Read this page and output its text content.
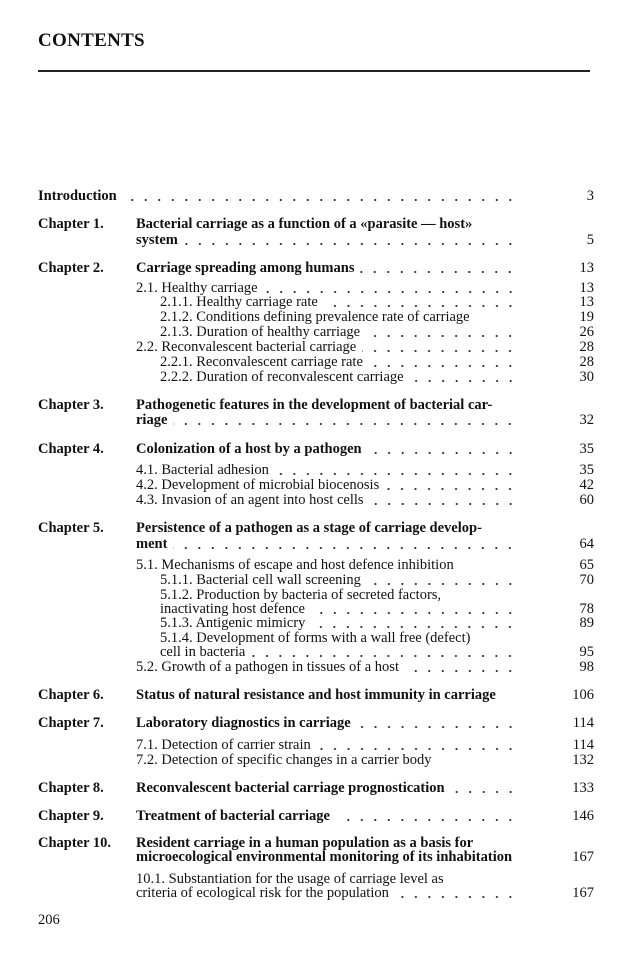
CONTENTS
Introduction	3
Chapter 1. Bacterial carriage as a function of a «parasite — host»
system	5
Chapter 2. Carriage spreading among humans	13
2.1. Healthy carriage	13
2.1.1. Healthy carriage rate	13
2.1.2. Conditions defining prevalence rate of carriage	19
2.1.3. Duration of healthy carriage	26
2.2. Reconvalescent bacterial carriage	28
2.2.1. Reconvalescent carriage rate	28
2.2.2. Duration of reconvalescent carriage	30
Chapter 3. Pathogenetic features in the development of bacterial car-
riage	32
Chapter 4. Colonization of a host by a pathogen	35
4.1. Bacterial adhesion	35
4.2. Development of microbial biocenosis	42
4.3. Invasion of an agent into host cells	60
Chapter 5. Persistence of a pathogen as a stage of carriage develop-
ment	64
5.1. Mechanisms of escape and host defence inhibition	65
5.1.1. Bacterial cell wall screening	70
5.1.2. Production by bacteria of secreted factors,
inactivating host defence	78
5.1.3. Antigenic mimicry	89
5.1.4. Development of forms with a wall free (defect)
cell in bacteria	95
5.2. Growth of a pathogen in tissues of a host	98
Chapter 6. Status of natural resistance and host immunity in carriage	106
Chapter 7. Laboratory diagnostics in carriage	114
7.1. Detection of carrier strain	114
7.2. Detection of specific changes in a carrier body	132
Chapter 8. Reconvalescent bacterial carriage prognostication	133
Chapter 9. Treatment of bacterial carriage	146
Chapter 10. Resident carriage in a human population as a basis for
microecological environmental monitoring of its inhabitation	167
10.1. Substantiation for the usage of carriage level as
criteria of ecological risk for the population	167
206
